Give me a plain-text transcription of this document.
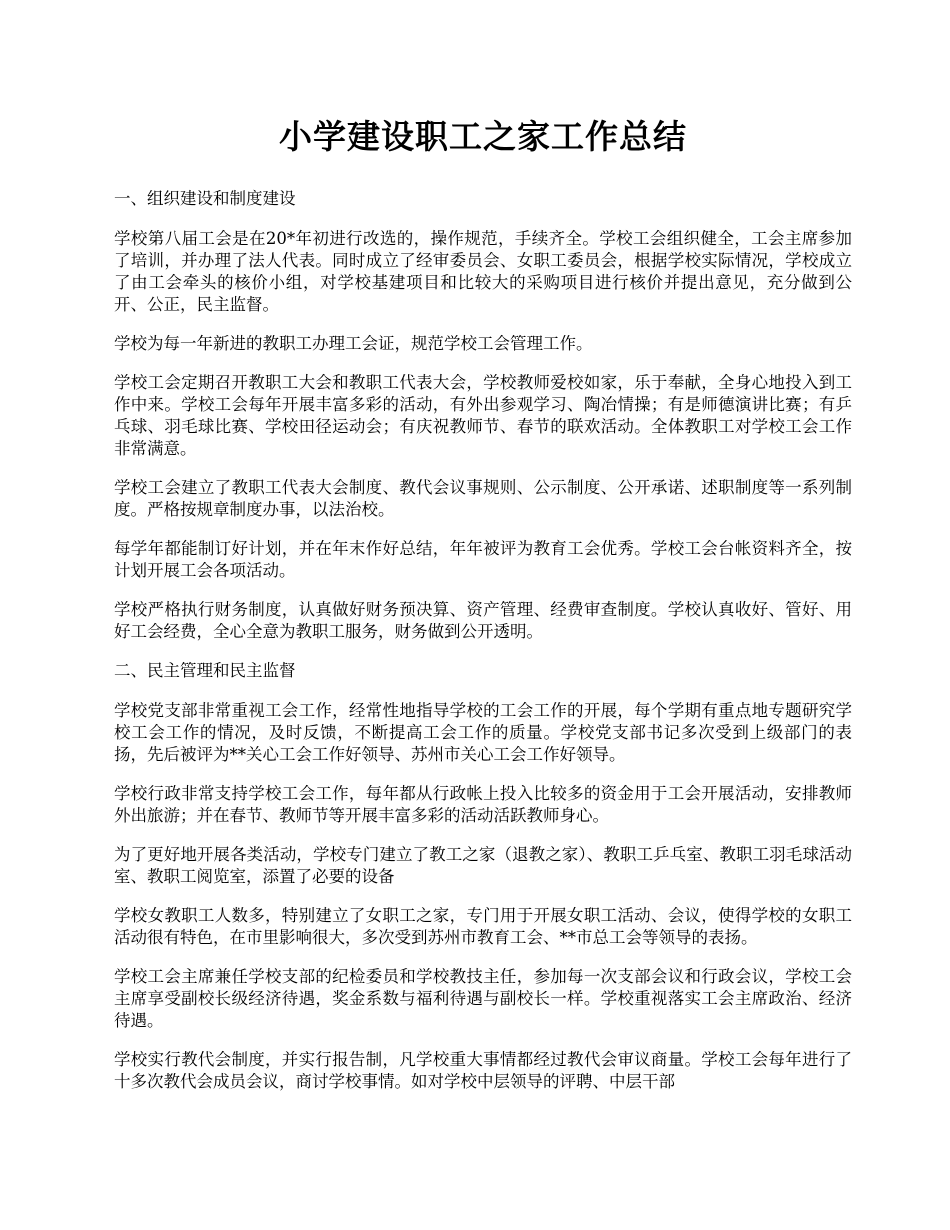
小学建设职工之家工作总结

一、组织建设和制度建设

学校第八届工会是在20*年初进行改选的，操作规范，手续齐全。学校工会组织健全，工会主席参加了培训，并办理了法人代表。同时成立了经审委员会、女职工委员会，根据学校实际情况，学校成立了由工会牵头的核价小组，对学校基建项目和比较大的采购项目进行核价并提出意见，充分做到公开、公正，民主监督。

学校为每一年新进的教职工办理工会证，规范学校工会管理工作。

学校工会定期召开教职工大会和教职工代表大会，学校教师爱校如家，乐于奉献，全身心地投入到工作中来。学校工会每年开展丰富多彩的活动，有外出参观学习、陶冶情操；有是师德演讲比赛；有乒乓球、羽毛球比赛、学校田径运动会；有庆祝教师节、春节的联欢活动。全体教职工对学校工会工作非常满意。

学校工会建立了教职工代表大会制度、教代会议事规则、公示制度、公开承诺、述职制度等一系列制度。严格按规章制度办事，以法治校。

每学年都能制订好计划，并在年末作好总结，年年被评为教育工会优秀。学校工会台帐资料齐全，按计划开展工会各项活动。

学校严格执行财务制度，认真做好财务预决算、资产管理、经费审查制度。学校认真收好、管好、用好工会经费，全心全意为教职工服务，财务做到公开透明。

二、民主管理和民主监督

学校党支部非常重视工会工作，经常性地指导学校的工会工作的开展，每个学期有重点地专题研究学校工会工作的情况，及时反馈，不断提高工会工作的质量。学校党支部书记多次受到上级部门的表扬，先后被评为**关心工会工作好领导、苏州市关心工会工作好领导。

学校行政非常支持学校工会工作，每年都从行政帐上投入比较多的资金用于工会开展活动，安排教师外出旅游；并在春节、教师节等开展丰富多彩的活动活跃教师身心。

为了更好地开展各类活动，学校专门建立了教工之家（退教之家）、教职工乒乓室、教职工羽毛球活动室、教职工阅览室，添置了必要的设备

学校女教职工人数多，特别建立了女职工之家，专门用于开展女职工活动、会议，使得学校的女职工活动很有特色，在市里影响很大，多次受到苏州市教育工会、**市总工会等领导的表扬。

学校工会主席兼任学校支部的纪检委员和学校教技主任，参加每一次支部会议和行政会议，学校工会主席享受副校长级经济待遇，奖金系数与福利待遇与副校长一样。学校重视落实工会主席政治、经济待遇。

学校实行教代会制度，并实行报告制，凡学校重大事情都经过教代会审议商量。学校工会每年进行了十多次教代会成员会议，商讨学校事情。如对学校中层领导的评聘、中层干部
